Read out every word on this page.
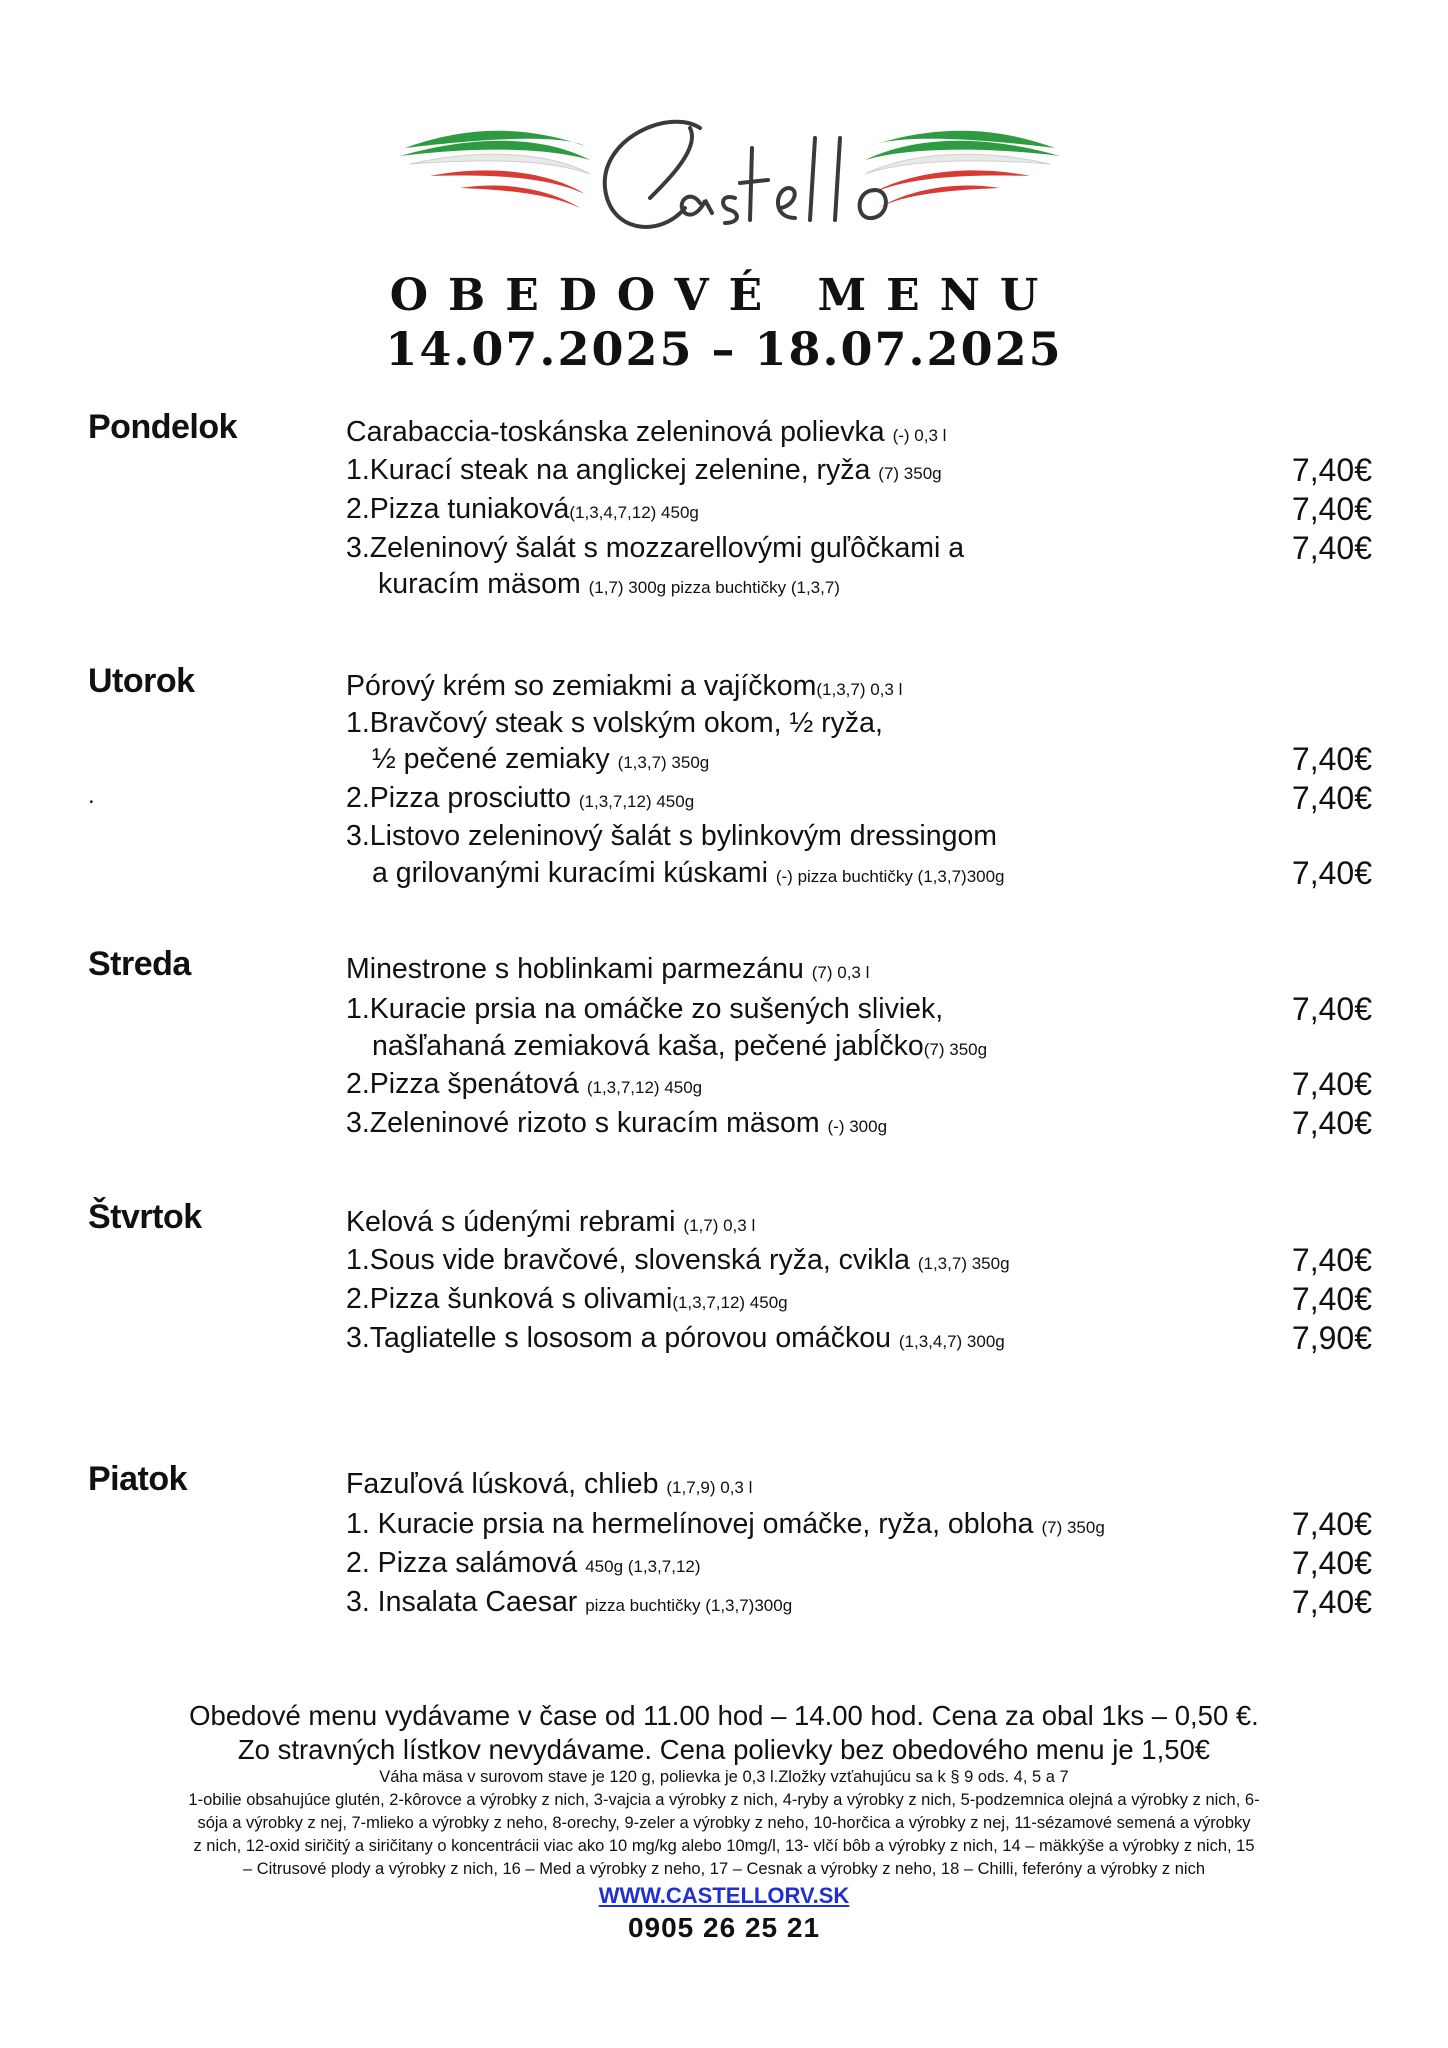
OBEDOVÉ MENU
14.07.2025 – 18.07.2025
Pondelok	Carabaccia-toskánska zeleninová polievka (-) 0,3 l
1.Kurací steak na anglickej zelenine, ryža (7) 350g	7,40€
2.Pizza tuniaková(1,3,4,7,12) 450g	7,40€
3.Zeleninový šalát s mozzarellovými guľôčkami a	7,40€
kuracím mäsom (1,7) 300g pizza buchtičky (1,3,7)
Utorok	Pórový krém so zemiakmi a vajíčkom(1,3,7) 0,3 l
1.Bravčový steak s volským okom, ½ ryža,
½ pečené zemiaky (1,3,7) 350g	7,40€
.	2.Pizza prosciutto (1,3,7,12) 450g	7,40€
3.Listovo zeleninový šalát s bylinkovým dressingom
a grilovanými kuracími kúskami (-) pizza buchtičky (1,3,7)300g	7,40€
Streda	Minestrone s hoblinkami parmezánu (7) 0,3 l
1.Kuracie prsia na omáčke zo sušených sliviek,	7,40€
našľahaná zemiaková kaša, pečené jabĺčko(7) 350g
2.Pizza špenátová (1,3,7,12) 450g	7,40€
3.Zeleninové rizoto s kuracím mäsom (-) 300g	7,40€
Štvrtok	Kelová s údenými rebrami (1,7) 0,3 l
1.Sous vide bravčové, slovenská ryža, cvikla (1,3,7) 350g	7,40€
2.Pizza šunková s olivami(1,3,7,12) 450g	7,40€
3.Tagliatelle s lososom a pórovou omáčkou (1,3,4,7) 300g	7,90€
Piatok	Fazuľová lúsková, chlieb (1,7,9) 0,3 l
1. Kuracie prsia na hermelínovej omáčke, ryža, obloha (7) 350g	7,40€
2. Pizza salámová 450g (1,3,7,12)	7,40€
3. Insalata Caesar pizza buchtičky (1,3,7)300g	7,40€
Obedové menu vydávame v čase od 11.00 hod – 14.00 hod. Cena za obal 1ks – 0,50 €.
Zo stravných lístkov nevydávame. Cena polievky bez obedového menu je 1,50€
Váha mäsa v surovom stave je 120 g, polievka je 0,3 l.Zložky vzťahujúcu sa k § 9 ods. 4, 5 a 7
1-obilie obsahujúce glutén, 2-kôrovce a výrobky z nich, 3-vajcia a výrobky z nich, 4-ryby a výrobky z nich, 5-podzemnica olejná a výrobky z nich, 6-
sója a výrobky z nej, 7-mlieko a výrobky z neho, 8-orechy, 9-zeler a výrobky z neho, 10-horčica a výrobky z nej, 11-sézamové semená a výrobky
z nich, 12-oxid siričitý a siričitany o koncentrácii viac ako 10 mg/kg alebo 10mg/l, 13- vlčí bôb a výrobky z nich, 14 – mäkkýše a výrobky z nich, 15
– Citrusové plody a výrobky z nich, 16 – Med a výrobky z neho, 17 – Cesnak a výrobky z neho, 18 – Chilli, feferóny a výrobky z nich
WWW.CASTELLORV.SK
0905 26 25 21
